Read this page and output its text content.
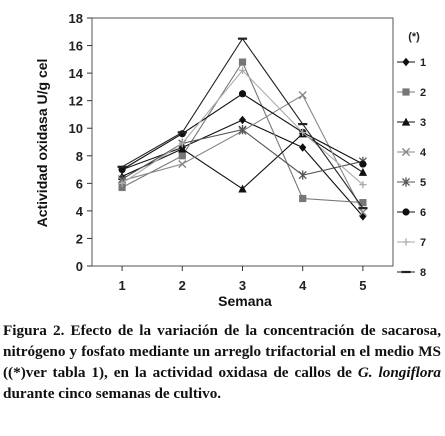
0
2
4
6
8
10
12
14
16
18
1	2	3	4	5
1
2
3
4
5
6
7
8
Actividad oxidasa U/g cel
Semana
(*)

Figura 2. Efecto de la variación de la concentración de sacarosa, nitrógeno y fosfato mediante un arreglo trifactorial en el medio MS ((*)ver tabla 1), en la actividad oxidasa de callos de G. longiflora durante cinco semanas de cultivo.
